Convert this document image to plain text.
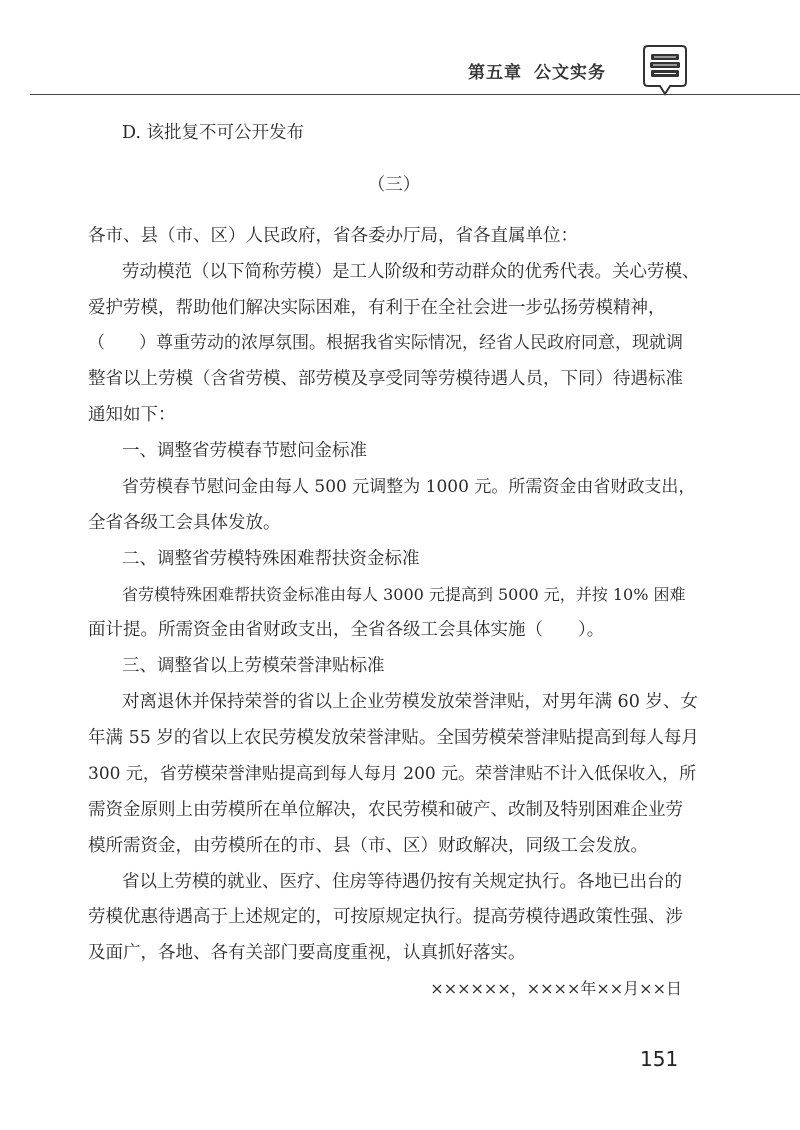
第五章 公文实务
D. 该批复不可公开发布
（三）
各市、县（市、区）人民政府，省各委办厅局，省各直属单位：
劳动模范（以下简称劳模）是工人阶级和劳动群众的优秀代表。关心劳模、
爱护劳模，帮助他们解决实际困难，有利于在全社会进一步弘扬劳模精神，
（　　）尊重劳动的浓厚氛围。根据我省实际情况，经省人民政府同意，现就调
整省以上劳模（含省劳模、部劳模及享受同等劳模待遇人员，下同）待遇标准
通知如下：
一、调整省劳模春节慰问金标准
省劳模春节慰问金由每人 500 元调整为 1000 元。所需资金由省财政支出，
全省各级工会具体发放。
二、调整省劳模特殊困难帮扶资金标准
省劳模特殊困难帮扶资金标准由每人 3000 元提高到 5000 元，并按 10% 困难
面计提。所需资金由省财政支出，全省各级工会具体实施（　　）。
三、调整省以上劳模荣誉津贴标准
对离退休并保持荣誉的省以上企业劳模发放荣誉津贴，对男年满 60 岁、女
年满 55 岁的省以上农民劳模发放荣誉津贴。全国劳模荣誉津贴提高到每人每月
300 元，省劳模荣誉津贴提高到每人每月 200 元。荣誉津贴不计入低保收入，所
需资金原则上由劳模所在单位解决，农民劳模和破产、改制及特别困难企业劳
模所需资金，由劳模所在的市、县（市、区）财政解决，同级工会发放。
省以上劳模的就业、医疗、住房等待遇仍按有关规定执行。各地已出台的
劳模优惠待遇高于上述规定的，可按原规定执行。提高劳模待遇政策性强、涉
及面广，各地、各有关部门要高度重视，认真抓好落实。
××××××，××××年××月××日
151
